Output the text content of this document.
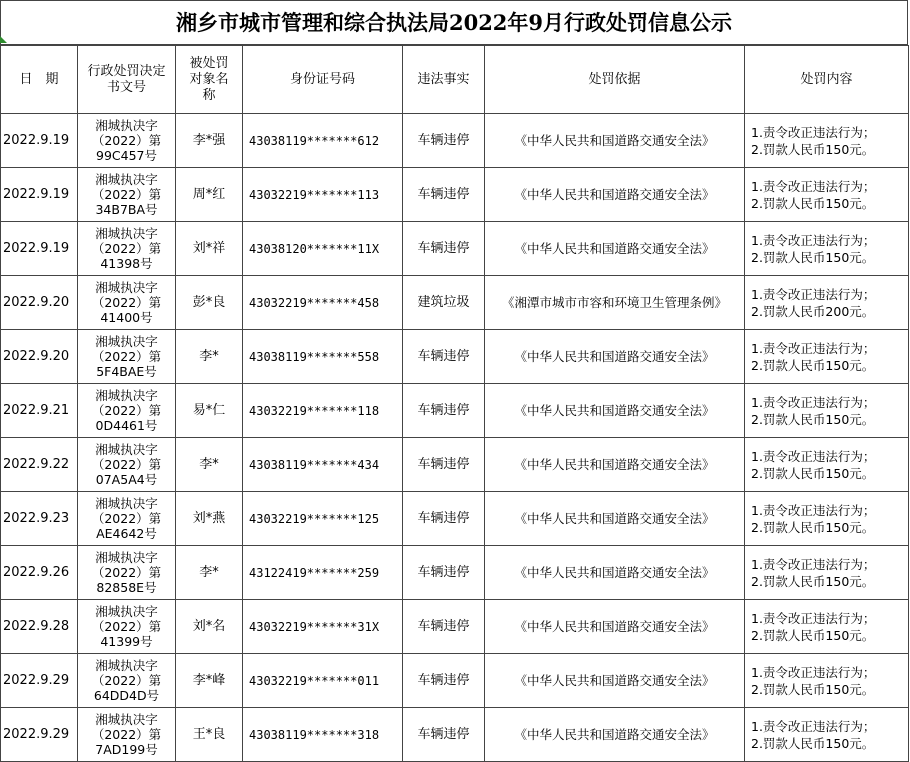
湘乡市城市管理和综合执法局2022年9月行政处罚信息公示
日　期	行政处罚决定书文号	被处罚对象名称	身份证号码	违法事实	处罚依据	处罚内容
2022.9.19	湘城执决字
（2022）第
99C457号	李*强	43038119*******612	车辆违停	《中华人民共和国道路交通安全法》	1.责令改正违法行为；
2.罚款人民币150元。

2022.9.19	湘城执决字
（2022）第
34B7BA号	周*红	43032219*******113	车辆违停	《中华人民共和国道路交通安全法》	1.责令改正违法行为；
2.罚款人民币150元。

2022.9.19	湘城执决字
（2022）第
41398号	刘*祥	43038120*******11X	车辆违停	《中华人民共和国道路交通安全法》	1.责令改正违法行为；
2.罚款人民币150元。

2022.9.20	湘城执决字
（2022）第
41400号	彭*良	43032219*******458	建筑垃圾	《湘潭市城市市容和环境卫生管理条例》	1.责令改正违法行为；
2.罚款人民币200元。

2022.9.20	湘城执决字
（2022）第
5F4BAE号	李*	43038119*******558	车辆违停	《中华人民共和国道路交通安全法》	1.责令改正违法行为；
2.罚款人民币150元。

2022.9.21	湘城执决字
（2022）第
0D4461号	易*仁	43032219*******118	车辆违停	《中华人民共和国道路交通安全法》	1.责令改正违法行为；
2.罚款人民币150元。

2022.9.22	湘城执决字
（2022）第
07A5A4号	李*	43038119*******434	车辆违停	《中华人民共和国道路交通安全法》	1.责令改正违法行为；
2.罚款人民币150元。

2022.9.23	湘城执决字
（2022）第
AE4642号	刘*燕	43032219*******125	车辆违停	《中华人民共和国道路交通安全法》	1.责令改正违法行为；
2.罚款人民币150元。

2022.9.26	湘城执决字
（2022）第
82858E号	李*	43122419*******259	车辆违停	《中华人民共和国道路交通安全法》	1.责令改正违法行为；
2.罚款人民币150元。

2022.9.28	湘城执决字
（2022）第
41399号	刘*名	43032219*******31X	车辆违停	《中华人民共和国道路交通安全法》	1.责令改正违法行为；
2.罚款人民币150元。

2022.9.29	湘城执决字
（2022）第
64DD4D号	李*峰	43032219*******011	车辆违停	《中华人民共和国道路交通安全法》	1.责令改正违法行为；
2.罚款人民币150元。

2022.9.29	湘城执决字
（2022）第
7AD199号	王*良	43038119*******318	车辆违停	《中华人民共和国道路交通安全法》	1.责令改正违法行为；
2.罚款人民币150元。
